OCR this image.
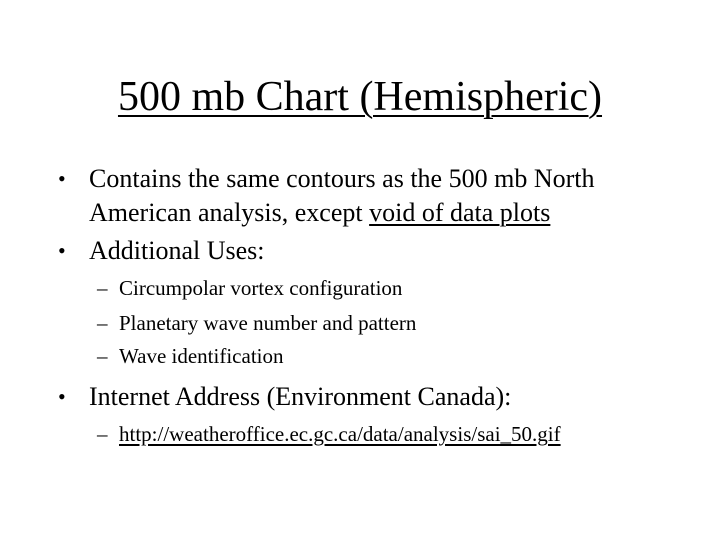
500 mb Chart (Hemispheric)
• Contains the same contours as the 500 mb North
American analysis, except void of data plots
• Additional Uses:
– Circumpolar vortex configuration
– Planetary wave number and pattern
– Wave identification
• Internet Address (Environment Canada):
– http://weatheroffice.ec.gc.ca/data/analysis/sai_50.gif
